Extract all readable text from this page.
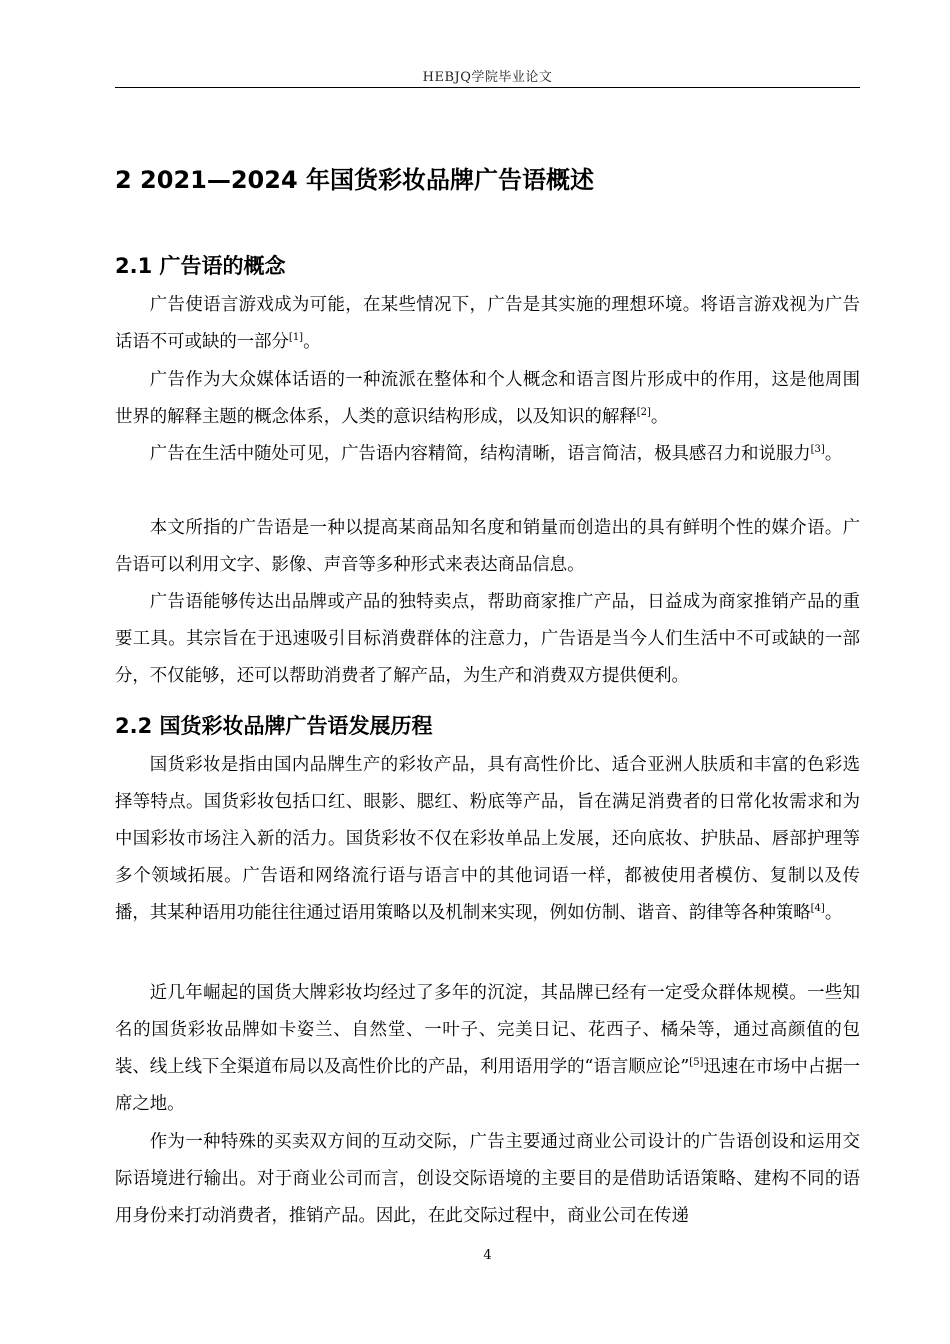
HEBJQ学院毕业论文
2 2021—2024 年国货彩妆品牌广告语概述
2.1 广告语的概念

广告使语言游戏成为可能，在某些情况下，广告是其实施的理想环境。将语言游戏视为广告话语不可或缺的一部分[1]。

广告作为大众媒体话语的一种流派在整体和个人概念和语言图片形成中的作用，这是他周围世界的解释主题的概念体系，人类的意识结构形成，以及知识的解释[2]。

广告在生活中随处可见，广告语内容精简，结构清晰，语言简洁，极具感召力和说服力[3]。

本文所指的广告语是一种以提高某商品知名度和销量而创造出的具有鲜明个性的媒介语。广告语可以利用文字、影像、声音等多种形式来表达商品信息。

广告语能够传达出品牌或产品的独特卖点，帮助商家推广产品，日益成为商家推销产品的重要工具。其宗旨在于迅速吸引目标消费群体的注意力，广告语是当今人们生活中不可或缺的一部分，不仅能够，还可以帮助消费者了解产品，为生产和消费双方提供便利。

2.2 国货彩妆品牌广告语发展历程

国货彩妆是指由国内品牌生产的彩妆产品，具有高性价比、适合亚洲人肤质和丰富的色彩选择等特点。国货彩妆包括口红、眼影、腮红、粉底等产品，旨在满足消费者的日常化妆需求和为中国彩妆市场注入新的活力。国货彩妆不仅在彩妆单品上发展，还向底妆、护肤品、唇部护理等多个领域拓展。广告语和网络流行语与语言中的其他词语一样，都被使用者模仿、复制以及传播，其某种语用功能往往通过语用策略以及机制来实现，例如仿制、谐音、韵律等各种策略[4]。

近几年崛起的国货大牌彩妆均经过了多年的沉淀，其品牌已经有一定受众群体规模。一些知名的国货彩妆品牌如卡姿兰、自然堂、一叶子、完美日记、花西子、橘朵等，通过高颜值的包装、线上线下全渠道布局以及高性价比的产品，利用语用学的“语言顺应论”[5]迅速在市场中占据一席之地。

作为一种特殊的买卖双方间的互动交际，广告主要通过商业公司设计的广告语创设和运用交际语境进行输出。对于商业公司而言，创设交际语境的主要目的是借助话语策略、建构不同的语用身份来打动消费者，推销产品。因此，在此交际过程中，商业公司在传递

4
